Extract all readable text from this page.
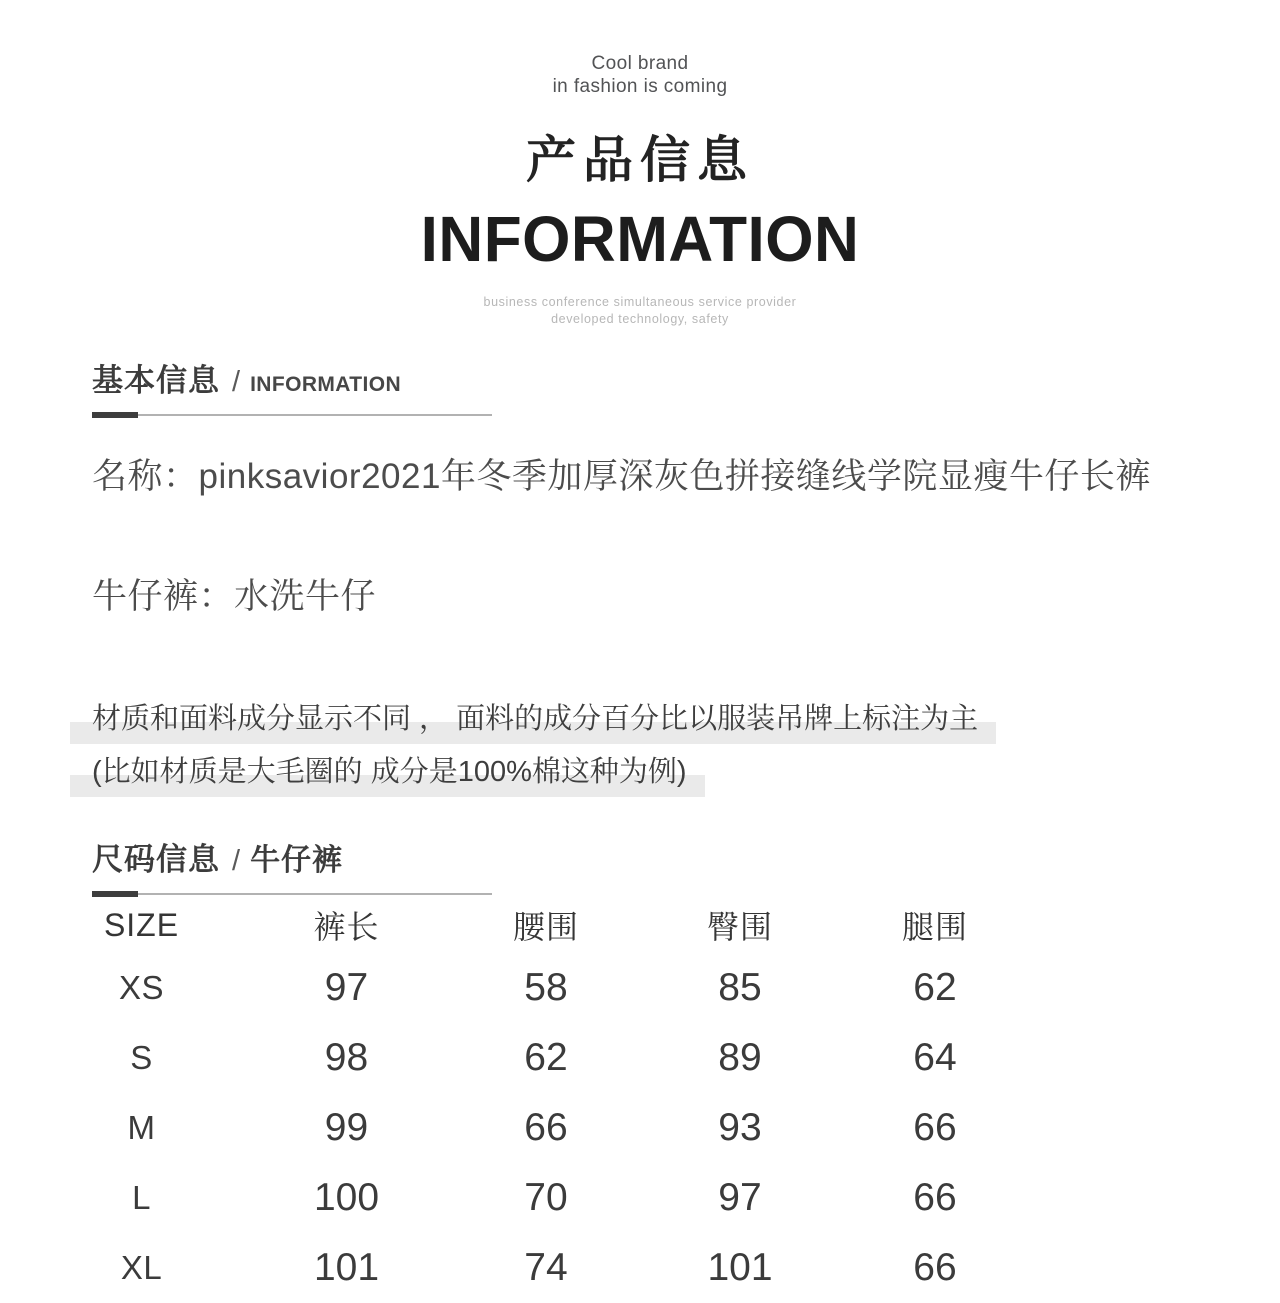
Cool brand
in fashion is coming
产品信息
INFORMATION
business conference simultaneous service provider
developed technology, safety
基本信息 / INFORMATION
名称：pinksavior2021年冬季加厚深灰色拼接缝线学院显瘦牛仔长裤
牛仔裤：水洗牛仔
材质和面料成分显示不同 ， 面料的成分百分比以服装吊牌上标注为主
(比如材质是大毛圈的 成分是100%棉这种为例)
尺码信息 / 牛仔裤
SIZE	裤长	腰围	臀围	腿围
XS	97	58	85	62
S	98	62	89	64
M	99	66	93	66
L	100	70	97	66
XL	101	74	101	66
